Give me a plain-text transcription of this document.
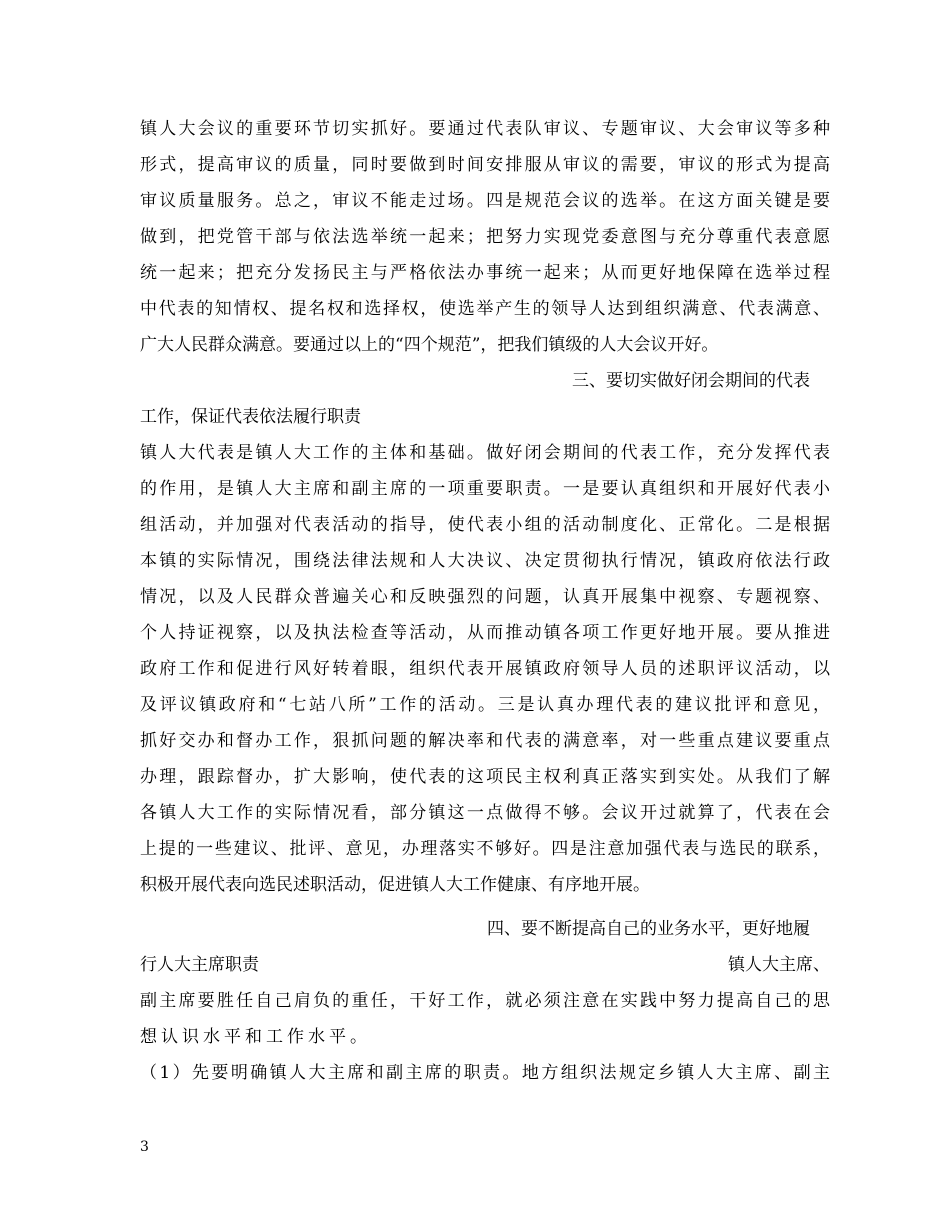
镇人大会议的重要环节切实抓好。要通过代表队审议、专题审议、大会审议等多种
形式，提高审议的质量，同时要做到时间安排服从审议的需要，审议的形式为提高
审议质量服务。总之，审议不能走过场。四是规范会议的选举。在这方面关键是要
做到，把党管干部与依法选举统一起来；把努力实现党委意图与充分尊重代表意愿
统一起来；把充分发扬民主与严格依法办事统一起来；从而更好地保障在选举过程
中代表的知情权、提名权和选择权，使选举产生的领导人达到组织满意、代表满意、
广大人民群众满意。要通过以上的“四个规范”，把我们镇级的人大会议开好。
三、要切实做好闭会期间的代表
工作，保证代表依法履行职责
镇人大代表是镇人大工作的主体和基础。做好闭会期间的代表工作，充分发挥代表
的作用，是镇人大主席和副主席的一项重要职责。一是要认真组织和开展好代表小
组活动，并加强对代表活动的指导，使代表小组的活动制度化、正常化。二是根据
本镇的实际情况，围绕法律法规和人大决议、决定贯彻执行情况，镇政府依法行政
情况，以及人民群众普遍关心和反映强烈的问题，认真开展集中视察、专题视察、
个人持证视察，以及执法检查等活动，从而推动镇各项工作更好地开展。要从推进
政府工作和促进行风好转着眼，组织代表开展镇政府领导人员的述职评议活动，以
及评议镇政府和“七站八所”工作的活动。三是认真办理代表的建议批评和意见，
抓好交办和督办工作，狠抓问题的解决率和代表的满意率，对一些重点建议要重点
办理，跟踪督办，扩大影响，使代表的这项民主权利真正落实到实处。从我们了解
各镇人大工作的实际情况看，部分镇这一点做得不够。会议开过就算了，代表在会
上提的一些建议、批评、意见，办理落实不够好。四是注意加强代表与选民的联系，
积极开展代表向选民述职活动，促进镇人大工作健康、有序地开展。
四、要不断提高自己的业务水平，更好地履
行人大主席职责	镇人大主席、
副主席要胜任自己肩负的重任，干好工作，就必须注意在实践中努力提高自己的思
想认识水平和工作水平。
（1）先要明确镇人大主席和副主席的职责。地方组织法规定乡镇人大主席、副主
3
